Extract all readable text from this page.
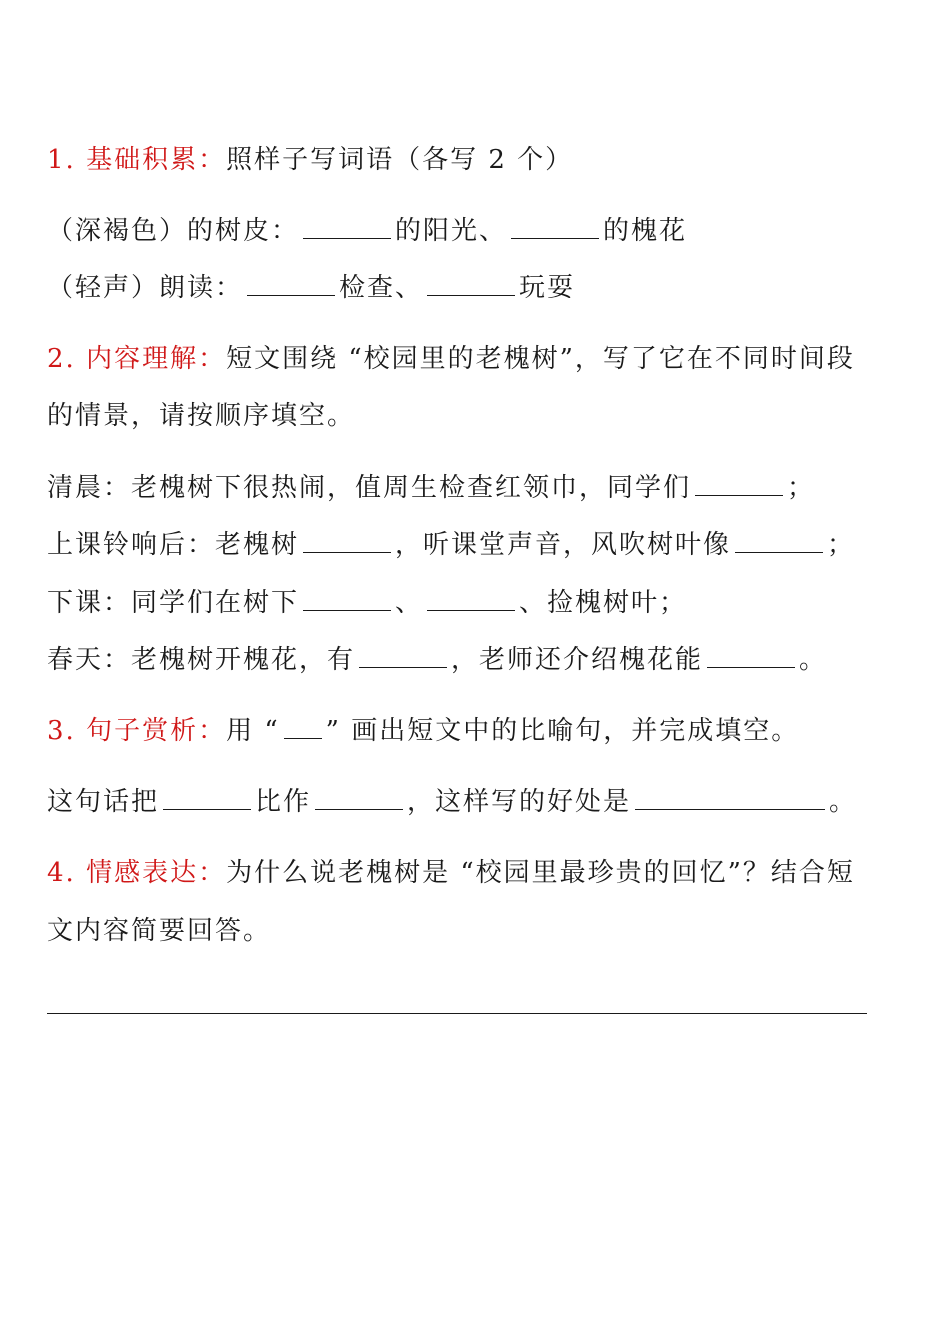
1. 基础积累：照样子写词语（各写 2 个）
（深褐色）的树皮：	的阳光、	的槐花
（轻声）朗读：	检查、	玩耍
2. 内容理解：短文围绕 “校园里的老槐树”，写了它在不同时间段
的情景，请按顺序填空。
清晨：老槐树下很热闹，值周生检查红领巾，同学们	；
上课铃响后：老槐树	，听课堂声音，风吹树叶像	；
下课：同学们在树下	、	、捡槐树叶；
春天：老槐树开槐花，有	，老师还介绍槐花能	。
3. 句子赏析：用 “ ” 画出短文中的比喻句，并完成填空。
这句话把	比作	，这样写的好处是	。
4. 情感表达：为什么说老槐树是 “校园里最珍贵的回忆”？结合短
文内容简要回答。
